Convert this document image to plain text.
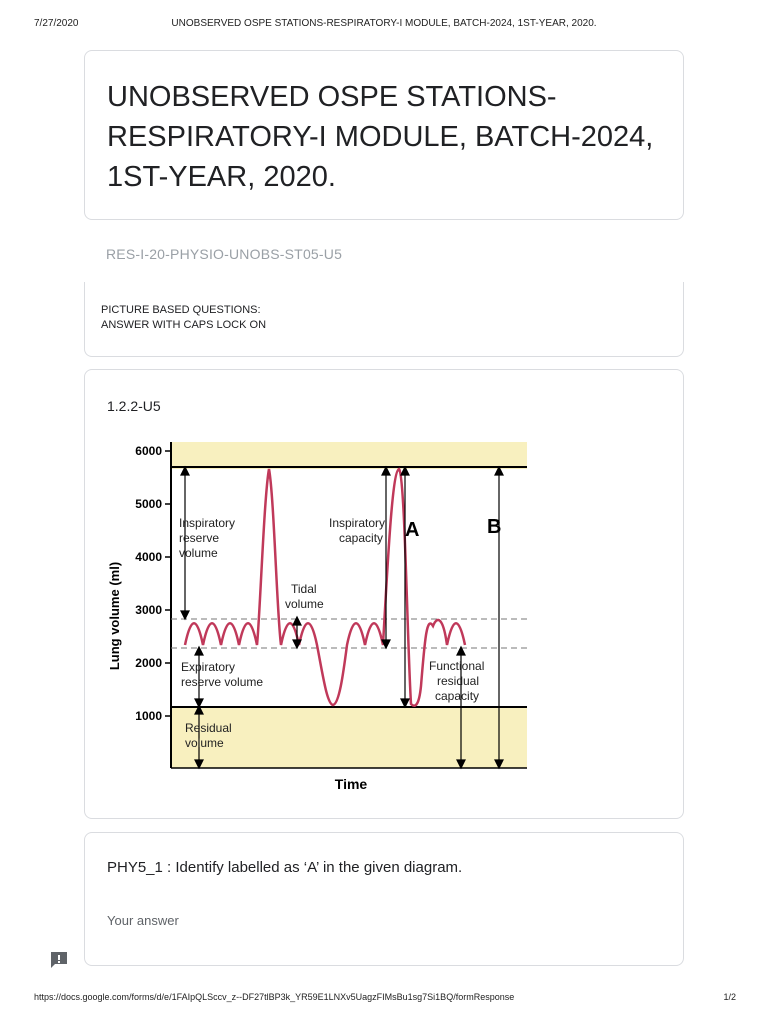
7/27/2020	UNOBSERVED OSPE STATIONS-RESPIRATORY-I MODULE, BATCH-2024, 1ST-YEAR, 2020.
UNOBSERVED OSPE STATIONS-RESPIRATORY-I MODULE, BATCH-2024, 1ST-YEAR, 2020.
RES-I-20-PHYSIO-UNOBS-ST05-U5
PICTURE BASED QUESTIONS:
ANSWER WITH CAPS LOCK ON
1.2.2-U5
6000
5000
4000
3000
2000
1000
Lung volume (ml)
Time
Inspiratory
reserve
volume
Inspiratory
capacity
Tidal
volume
Expiratory
reserve volume
Functional
residual
capacity
Residual
volume
A	B
PHY5_1 : Identify labelled as ‘A’ in the given diagram.
Your answer
https://docs.google.com/forms/d/e/1FAIpQLSccv_z--DF27tlBP3k_YR59E1LNXv5UagzFIMsBu1sg7Si1BQ/formResponse	1/2
